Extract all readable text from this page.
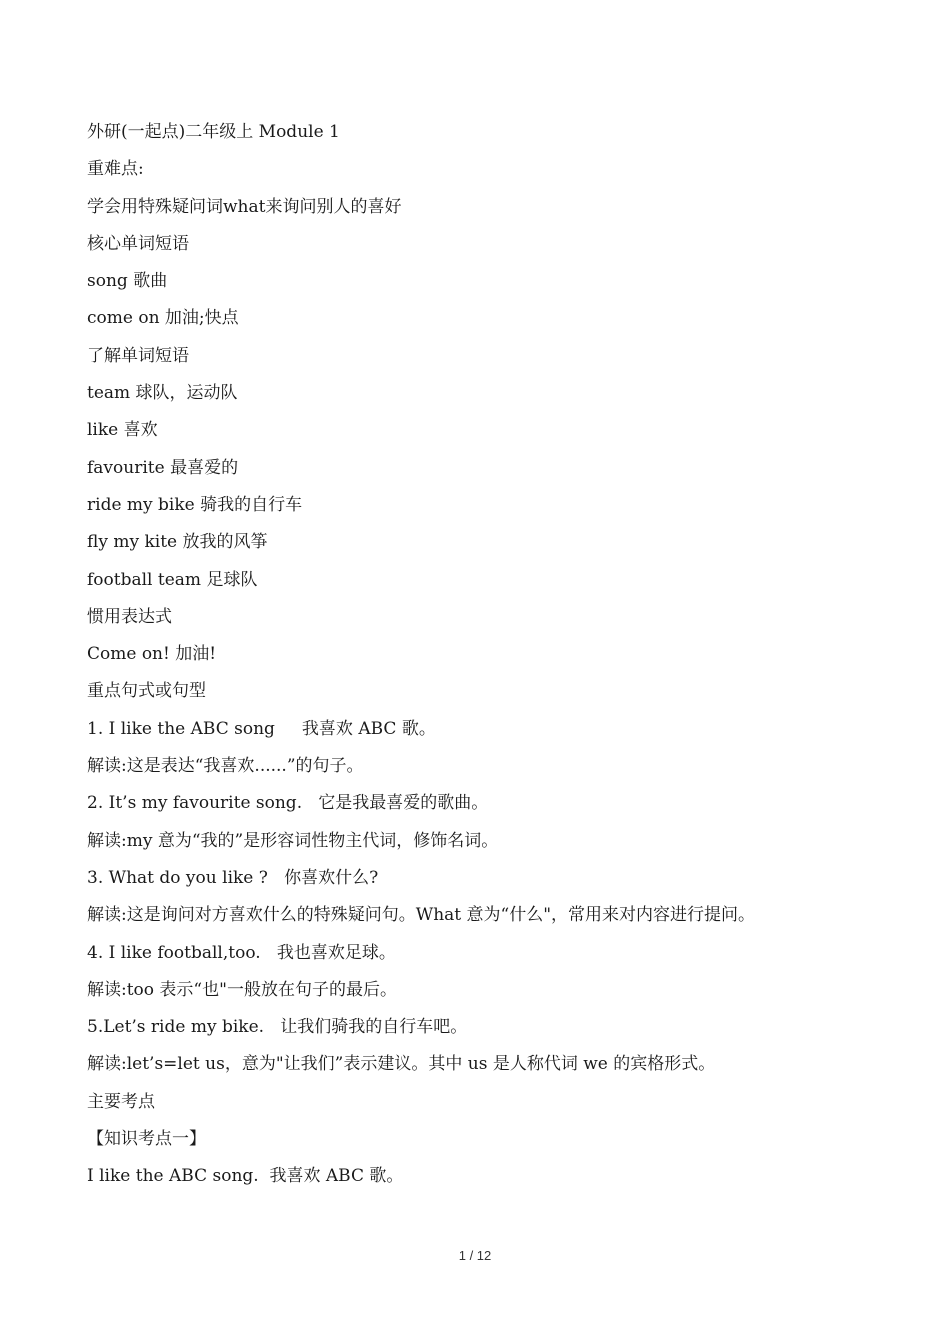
外研(一起点)二年级上 Module 1
重难点:
学会用特殊疑问词what来询问别人的喜好
核心单词短语
song 歌曲
come on 加油;快点
了解单词短语
team 球队，运动队
like 喜欢
favourite 最喜爱的
ride my bike 骑我的自行车
fly my kite 放我的风筝
football team 足球队
惯用表达式
Come on! 加油!
重点句式或句型
1. I like the ABC song     我喜欢 ABC 歌。
解读:这是表达“我喜欢......”的句子。
2. It’s my favourite song.   它是我最喜爱的歌曲。
解读:my 意为“我的”是形容词性物主代词，修饰名词。
3. What do you like ?   你喜欢什么?
解读:这是询问对方喜欢什么的特殊疑问句。What 意为“什么"，常用来对内容进行提问。
4. I like football,too.   我也喜欢足球。
解读:too 表示“也"一般放在句子的最后。
5.Let’s ride my bike.   让我们骑我的自行车吧。
解读:let’s=let us，意为"让我们”表示建议。其中 us 是人称代词 we 的宾格形式。
主要考点
【知识考点一】
I like the ABC song.  我喜欢 ABC 歌。
1 / 12
